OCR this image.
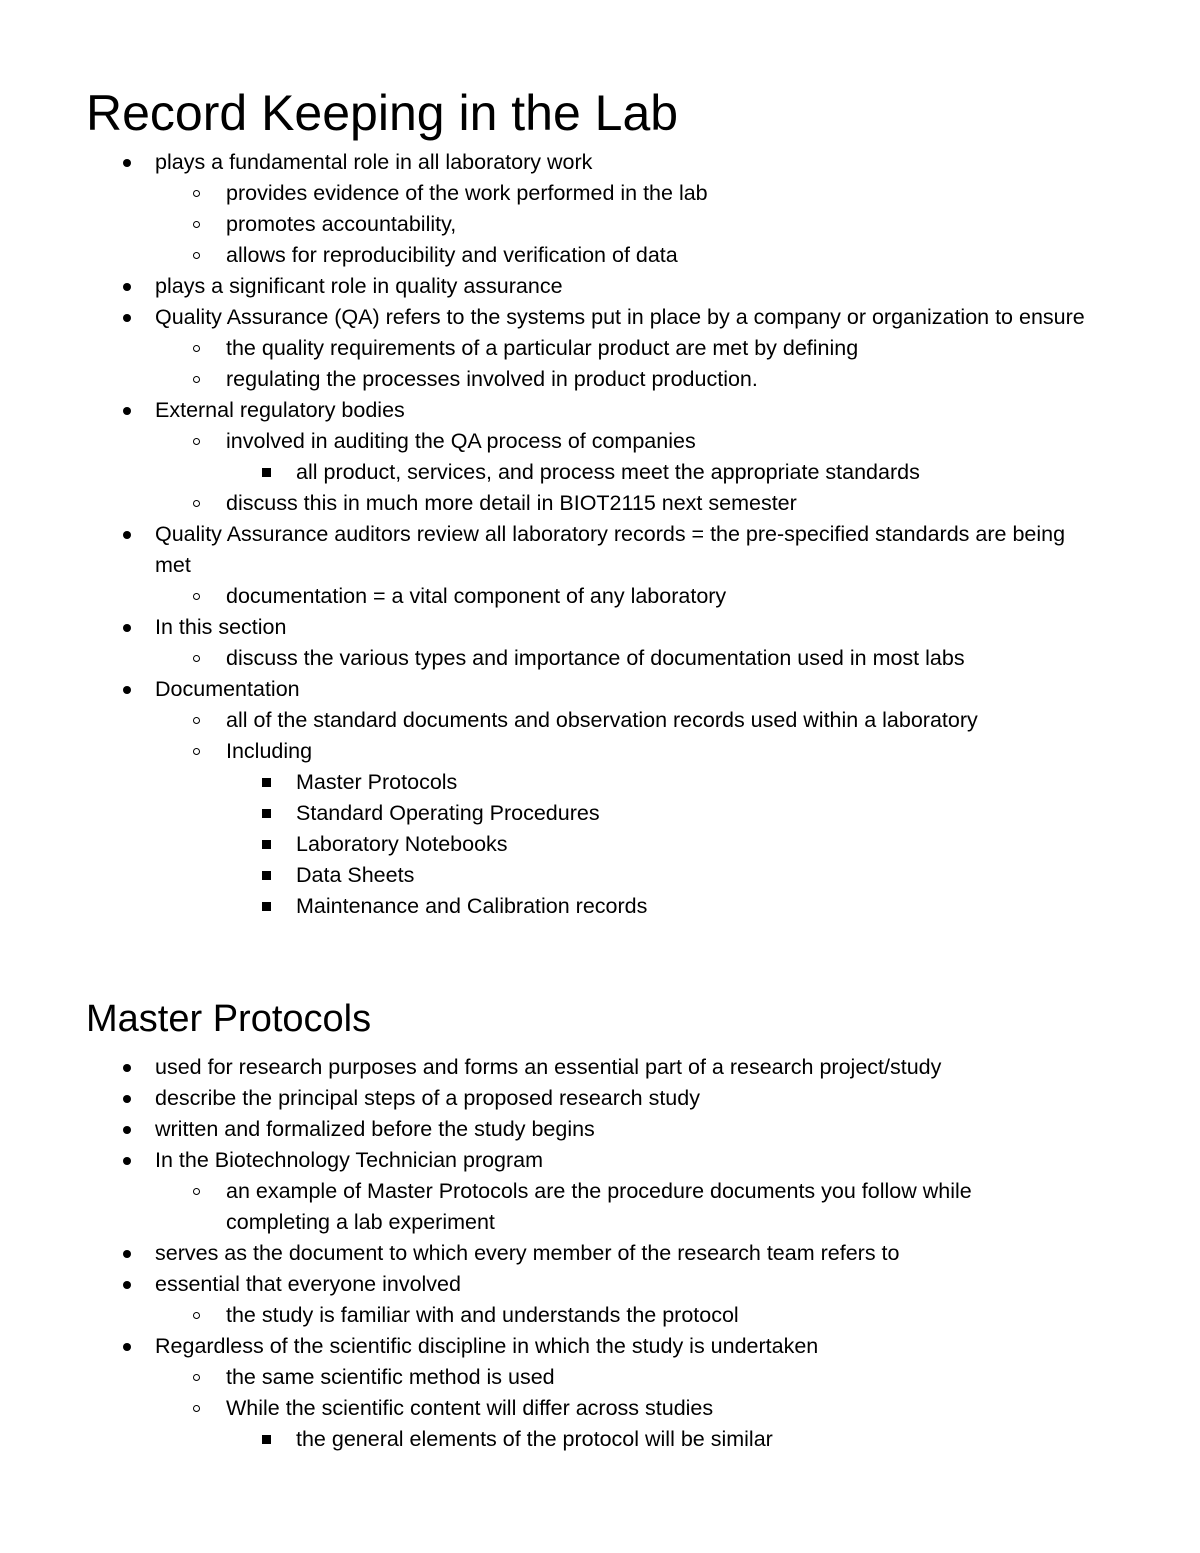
Record Keeping in the Lab
plays a fundamental role in all laboratory work
provides evidence of the work performed in the lab
promotes accountability,
allows for reproducibility and verification of data
plays a significant role in quality assurance
Quality Assurance (QA) refers to the systems put in place by a company or organization to ensure
the quality requirements of a particular product are met by defining
regulating the processes involved in product production.
External regulatory bodies
involved in auditing the QA process of companies
all product, services, and process meet the appropriate standards
discuss this in much more detail in BIOT2115 next semester
Quality Assurance auditors review all laboratory records = the pre-specified standards are being met
documentation = a vital component of any laboratory
In this section
discuss the various types and importance of documentation used in most labs
Documentation
all of the standard documents and observation records used within a laboratory
Including
Master Protocols
Standard Operating Procedures
Laboratory Notebooks
Data Sheets
Maintenance and Calibration records
Master Protocols
used for research purposes and forms an essential part of a research project/study
describe the principal steps of a proposed research study
written and formalized before the study begins
In the Biotechnology Technician program
an example of Master Protocols are the procedure documents you follow while completing a lab experiment
serves as the document to which every member of the research team refers to
essential that everyone involved
the study is familiar with and understands the protocol
Regardless of the scientific discipline in which the study is undertaken
the same scientific method is used
While the scientific content will differ across studies
the general elements of the protocol will be similar
